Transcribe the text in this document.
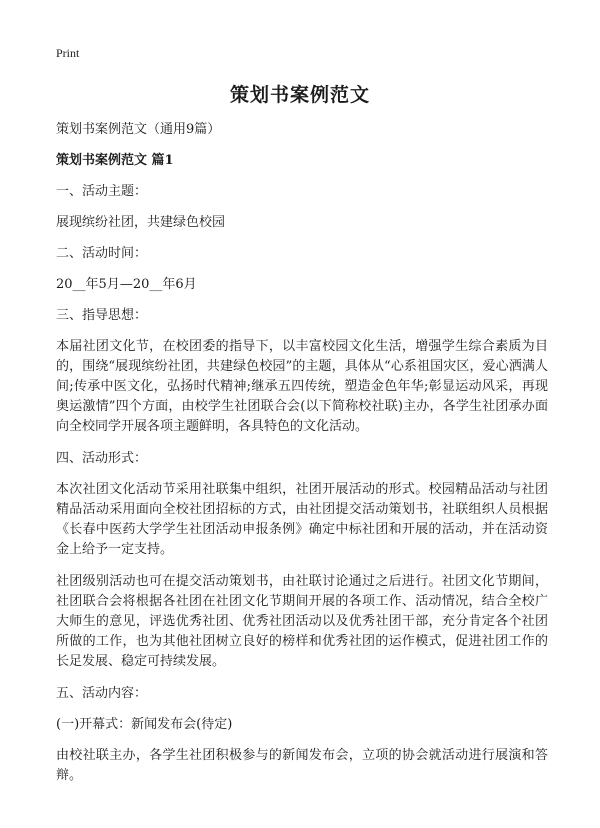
Print
策划书案例范文

策划书案例范文（通用9篇）

策划书案例范文 篇1

一、活动主题：

展现缤纷社团，共建绿色校园

二、活动时间：

20__年5月—20__年6月

三、指导思想：

本届社团文化节，在校团委的指导下，以丰富校园文化生活，增强学生综合素质为目的，围绕“展现缤纷社团，共建绿色校园”的主题，具体从“心系祖国灾区，爱心洒满人间;传承中医文化，弘扬时代精神;继承五四传统，塑造金色年华;彰显运动风采，再现奥运激情”四个方面，由校学生社团联合会(以下简称校社联)主办，各学生社团承办面向全校同学开展各项主题鲜明，各具特色的文化活动。

四、活动形式：

本次社团文化活动节采用社联集中组织，社团开展活动的形式。校园精品活动与社团精品活动采用面向全校社团招标的方式，由社团提交活动策划书，社联组织人员根据《长春中医药大学学生社团活动申报条例》确定中标社团和开展的活动，并在活动资金上给予一定支持。

社团级别活动也可在提交活动策划书，由社联讨论通过之后进行。社团文化节期间，社团联合会将根据各社团在社团文化节期间开展的各项工作、活动情况，结合全校广大师生的意见，评选优秀社团、优秀社团活动以及优秀社团干部，充分肯定各个社团所做的工作，也为其他社团树立良好的榜样和优秀社团的运作模式，促进社团工作的长足发展、稳定可持续发展。

五、活动内容：

(一)开幕式：新闻发布会(待定)

由校社联主办，各学生社团积极参与的新闻发布会，立项的协会就活动进行展演和答辩。
